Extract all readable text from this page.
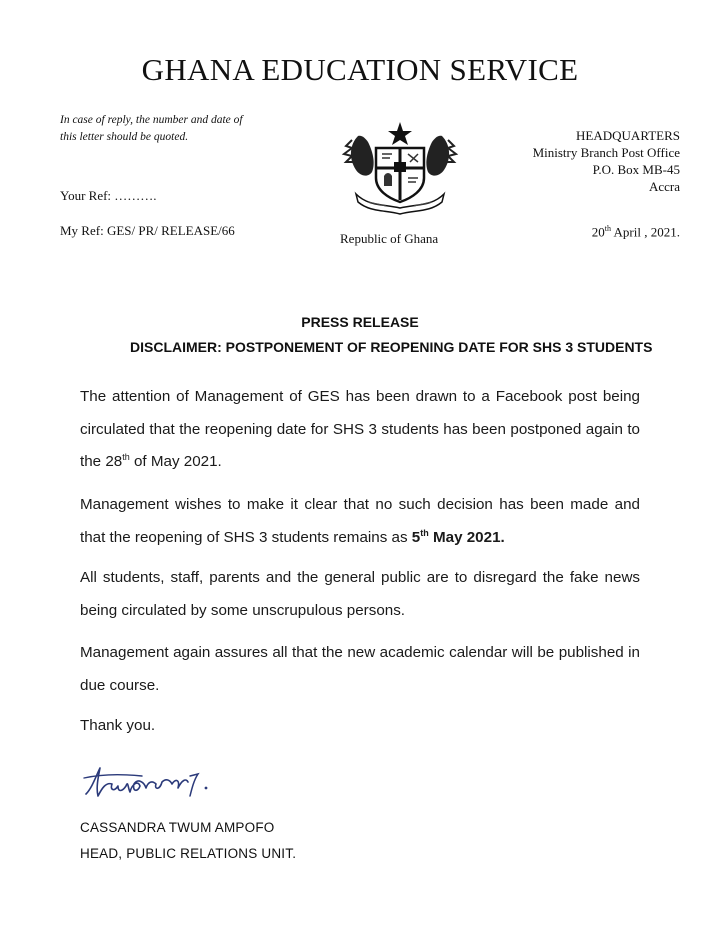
GHANA EDUCATION SERVICE
In case of reply, the number and date of this letter should be quoted.
Your Ref: ……….
My Ref: GES/ PR/ RELEASE/66
Republic of Ghana
HEADQUARTERS
Ministry Branch Post Office
P.O. Box MB-45
Accra
20th April , 2021.
PRESS RELEASE
DISCLAIMER: POSTPONEMENT OF REOPENING DATE FOR SHS 3 STUDENTS
The attention of Management of GES has been drawn to a Facebook post being circulated that the reopening date for SHS 3 students has been postponed again to the 28th of May 2021.
Management wishes to make it clear that no such decision has been made and that the reopening of SHS 3 students remains as 5th May 2021.
All students, staff, parents and the general public are to disregard the fake news being circulated by some unscrupulous persons.
Management again assures all that the new academic calendar will be published in due course.
Thank you.
CASSANDRA TWUM AMPOFO
HEAD, PUBLIC RELATIONS UNIT.
